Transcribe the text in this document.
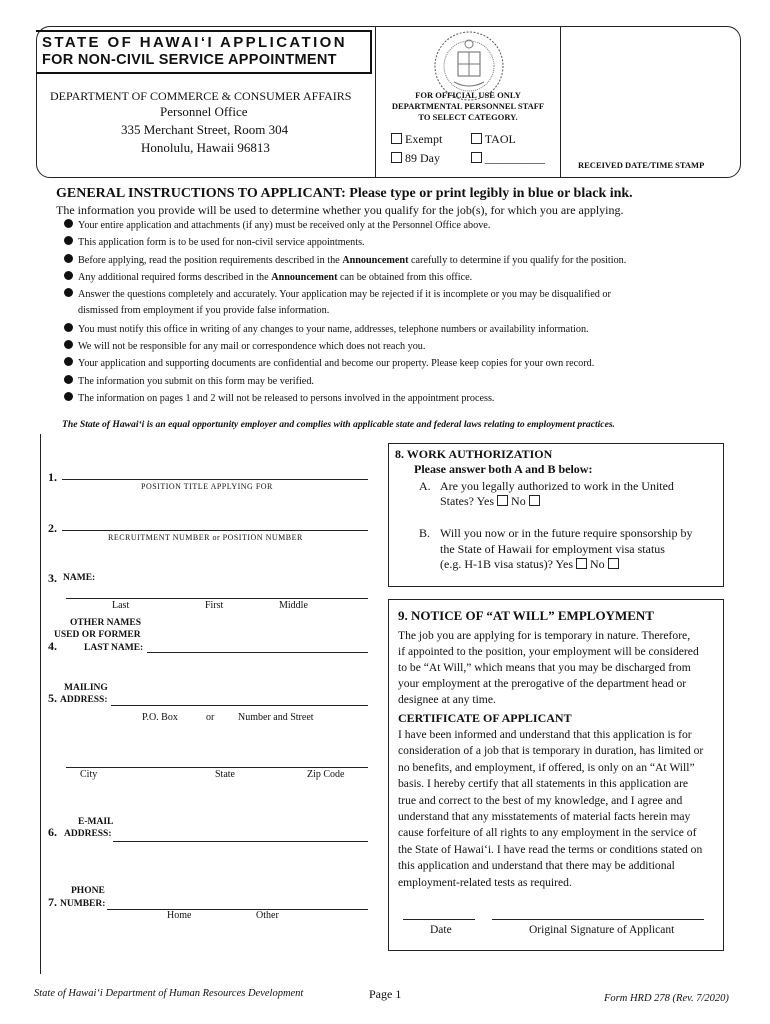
STATE OF HAWAI‘I APPLICATION
FOR NON-CIVIL SERVICE APPOINTMENT
DEPARTMENT OF COMMERCE & CONSUMER AFFAIRS
Personnel Office
335 Merchant Street, Room 304
Honolulu, Hawaii 96813
FOR OFFICIAL USE ONLY
DEPARTMENTAL PERSONNEL STAFF
TO SELECT CATEGORY.
Exempt	TAOL
89 Day	__________	RECEIVED DATE/TIME STAMP
GENERAL INSTRUCTIONS TO APPLICANT: Please type or print legibly in blue or black ink.
The information you provide will be used to determine whether you qualify for the job(s), for which you are applying.
Your entire application and attachments (if any) must be received only at the Personnel Office above.
This application form is to be used for non-civil service appointments.
Before applying, read the position requirements described in the Announcement carefully to determine if you qualify for the position.
Any additional required forms described in the Announcement can be obtained from this office.
Answer the questions completely and accurately. Your application may be rejected if it is incomplete or you may be disqualified or
dismissed from employment if you provide false information.
You must notify this office in writing of any changes to your name, addresses, telephone numbers or availability information.
We will not be responsible for any mail or correspondence which does not reach you.
Your application and supporting documents are confidential and become our property. Please keep copies for your own record.
The information you submit on this form may be verified.
The information on pages 1 and 2 will not be released to persons involved in the appointment process.
The State of Hawai‘i is an equal opportunity employer and complies with applicable state and federal laws relating to employment practices.
1.
POSITION TITLE APPLYING FOR
2.
RECRUITMENT NUMBER or POSITION NUMBER
3. NAME:
Last	First	Middle
OTHER NAMES
USED OR FORMER
4.	LAST NAME:
MAILING
5. ADDRESS:
P.O. Box	or Number and Street
City	State	Zip Code
E-MAIL
6. ADDRESS:
PHONE
7. NUMBER:
Home	Other
8. WORK AUTHORIZATION
Please answer both A and B below:
A. Are you legally authorized to work in the United
States? Yes No
B. Will you now or in the future require sponsorship by
the State of Hawaii for employment visa status
(e.g. H-1B visa status)? Yes No
9. NOTICE OF “AT WILL” EMPLOYMENT
The job you are applying for is temporary in nature. Therefore,
if appointed to the position, your employment will be considered
to be “At Will,” which means that you may be discharged from
your employment at the prerogative of the department head or
designee at any time.
CERTIFICATE OF APPLICANT
I have been informed and understand that this application is for
consideration of a job that is temporary in duration, has limited or
no benefits, and employment, if offered, is only on an “At Will”
basis. I hereby certify that all statements in this application are
true and correct to the best of my knowledge, and I agree and
understand that any misstatements of material facts herein may
cause forfeiture of all rights to any employment in the service of
the State of Hawai‘i. I have read the terms or conditions stated on
this application and understand that there may be additional
employment-related tests as required.
Date	Original Signature of Applicant
State of Hawai‘i Department of Human Resources Development	Page 1	Form HRD 278 (Rev. 7/2020)
